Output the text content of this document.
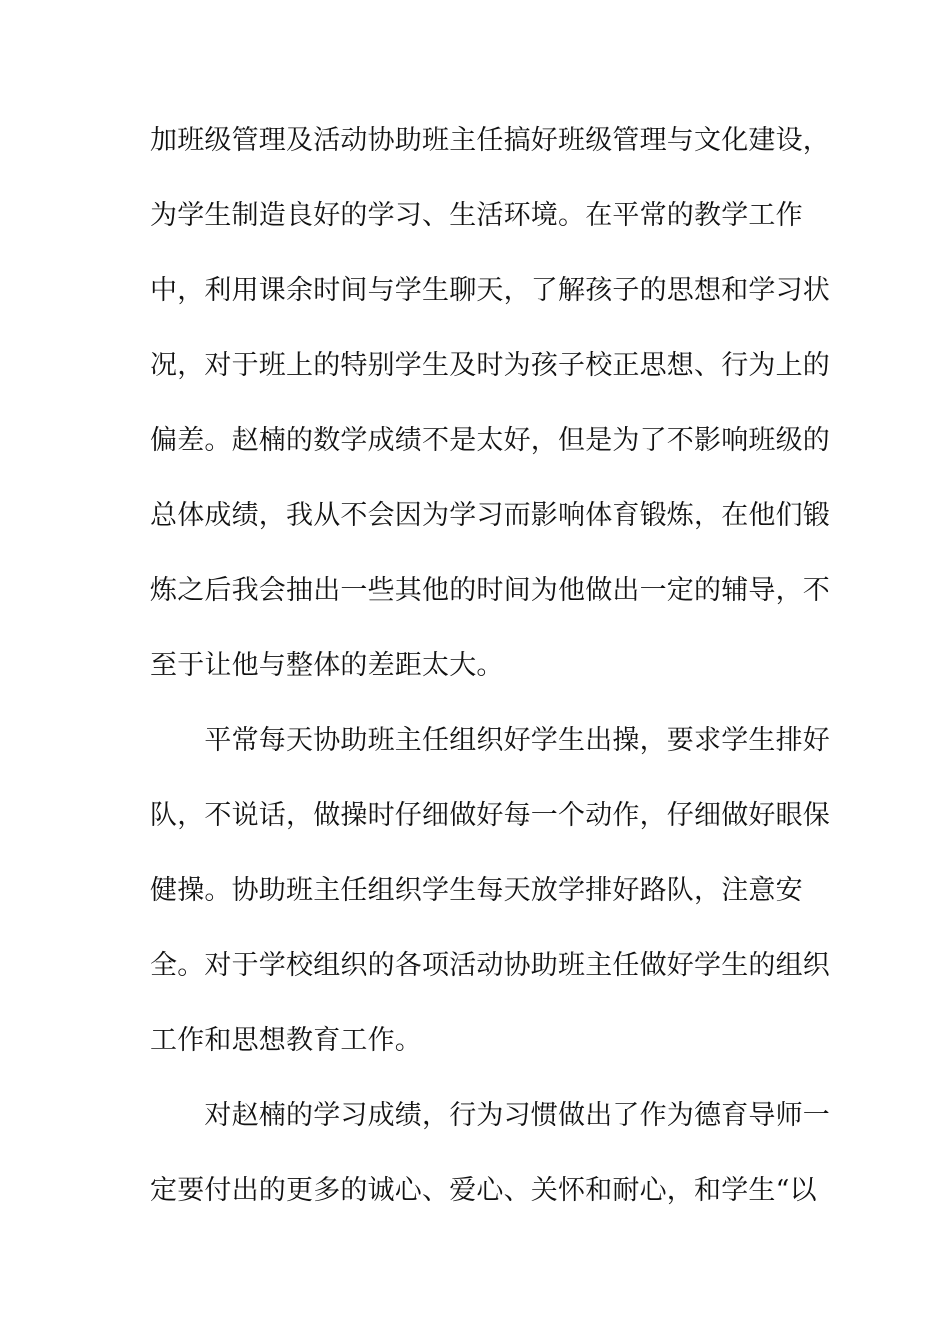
加班级管理及活动协助班主任搞好班级管理与文化建设，
为学生制造良好的学习、生活环境。在平常的教学工作
中，利用课余时间与学生聊天，了解孩子的思想和学习状
况，对于班上的特别学生及时为孩子校正思想、行为上的
偏差。赵楠的数学成绩不是太好，但是为了不影响班级的
总体成绩，我从不会因为学习而影响体育锻炼，在他们锻
炼之后我会抽出一些其他的时间为他做出一定的辅导，不
至于让他与整体的差距太大。
　　平常每天协助班主任组织好学生出操，要求学生排好
队，不说话，做操时仔细做好每一个动作，仔细做好眼保
健操。协助班主任组织学生每天放学排好路队，注意安
全。对于学校组织的各项活动协助班主任做好学生的组织
工作和思想教育工作。
　　对赵楠的学习成绩，行为习惯做出了作为德育导师一
定要付出的更多的诚心、爱心、关怀和耐心，和学生“以
